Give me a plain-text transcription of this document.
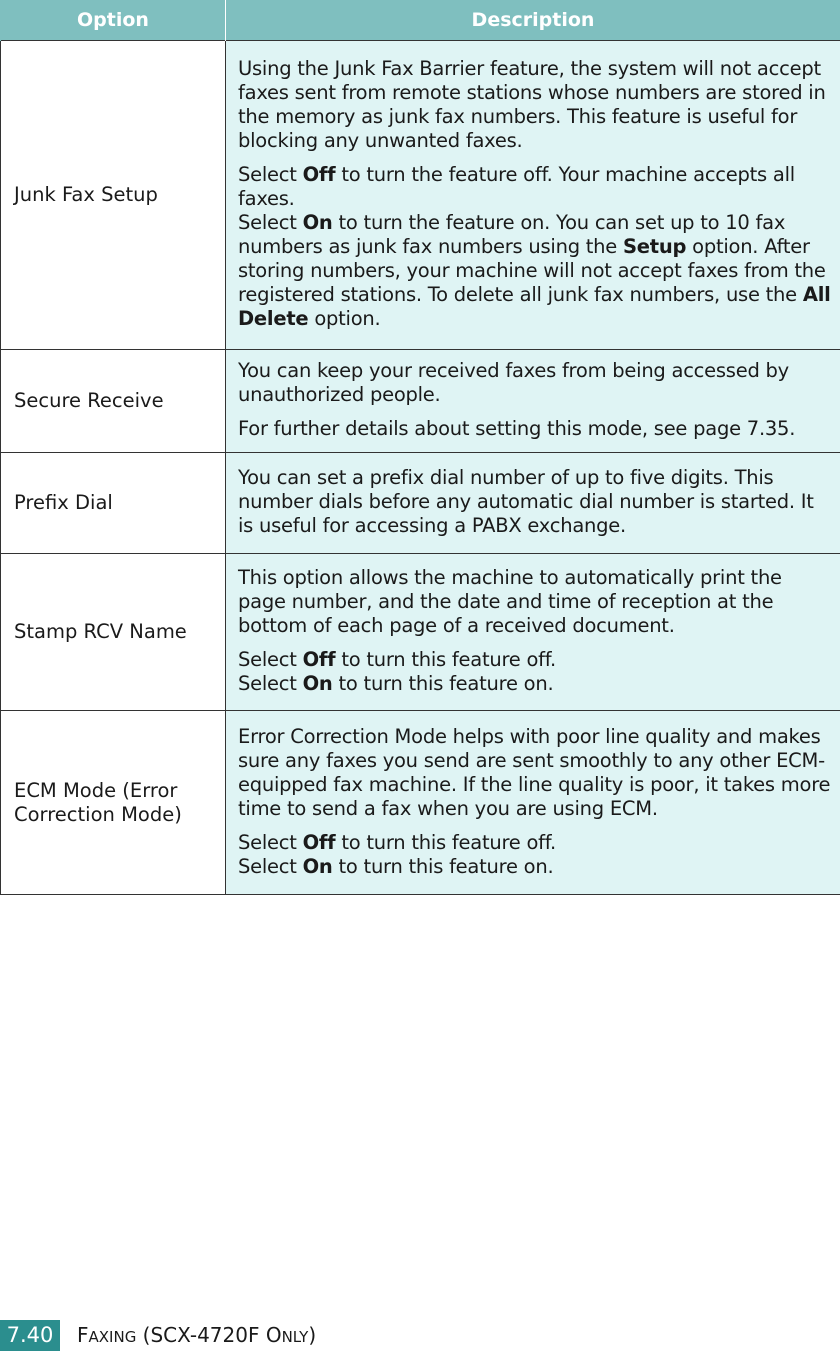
Option	Description
Junk Fax Setup	Using the Junk Fax Barrier feature, the system will not accept faxes sent from remote stations whose numbers are stored in the memory as junk fax numbers. This feature is useful for blocking any unwanted faxes.

Select Off to turn the feature off. Your machine accepts all faxes.
Select On to turn the feature on. You can set up to 10 fax numbers as junk fax numbers using the Setup option. After storing numbers, your machine will not accept faxes from the registered stations. To delete all junk fax numbers, use the All Delete option.

Secure Receive	You can keep your received faxes from being accessed by unauthorized people.

For further details about setting this mode, see page 7.35.

Prefix Dial	You can set a prefix dial number of up to five digits. This number dials before any automatic dial number is started. It is useful for accessing a PABX exchange.

Stamp RCV Name	This option allows the machine to automatically print the page number, and the date and time of reception at the bottom of each page of a received document.

Select Off to turn this feature off.
Select On to turn this feature on.

ECM Mode (Error Correction Mode)	Error Correction Mode helps with poor line quality and makes sure any faxes you send are sent smoothly to any other ECM-equipped fax machine. If the line quality is poor, it takes more time to send a fax when you are using ECM.

Select Off to turn this feature off.
Select On to turn this feature on.

7.40	FAXING (SCX-4720F ONLY)
